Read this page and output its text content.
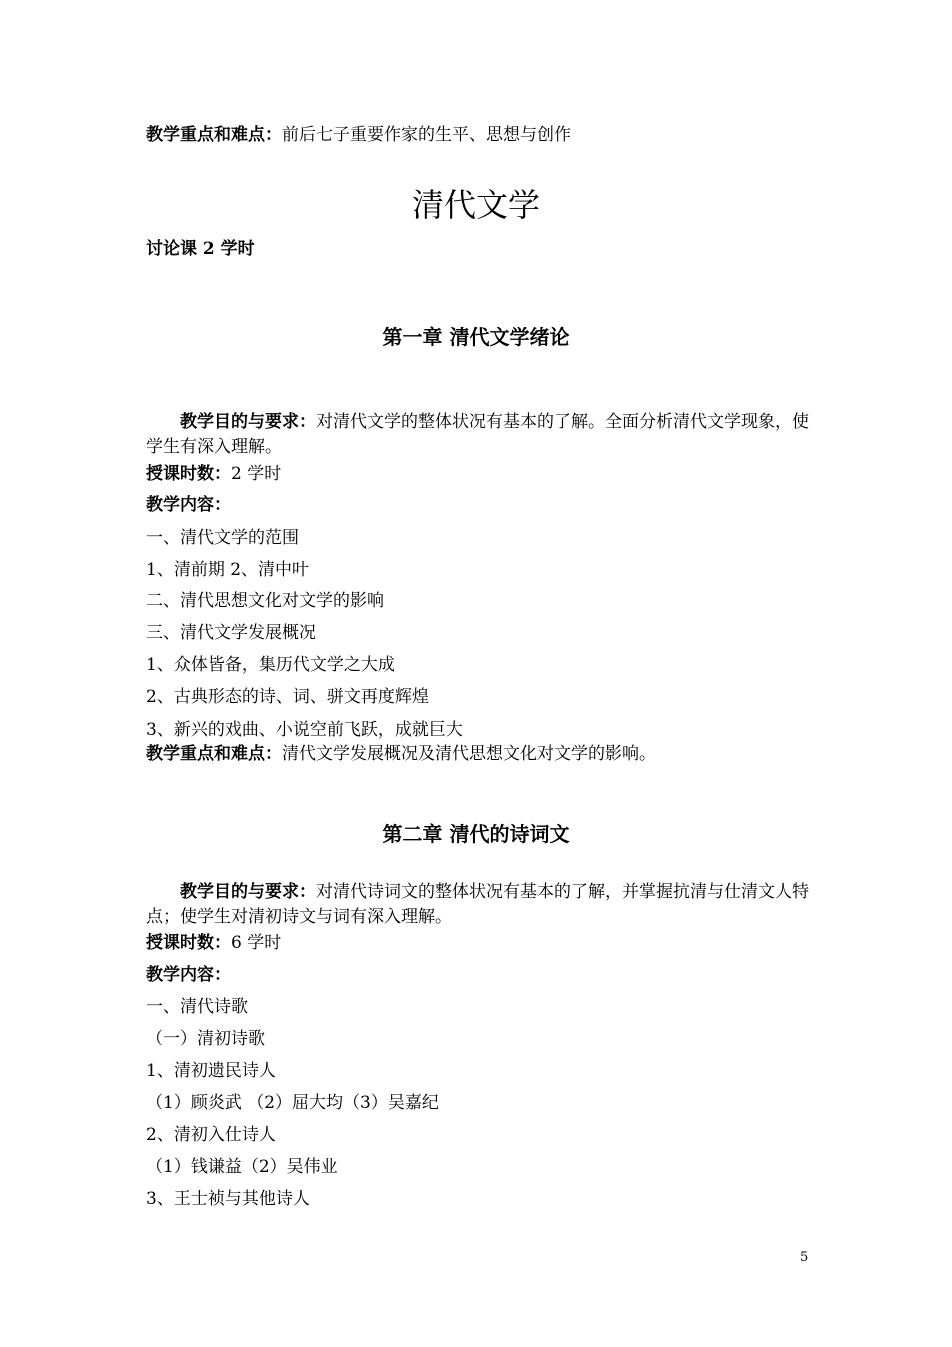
教学重点和难点：前后七子重要作家的生平、思想与创作
清代文学
讨论课 2 学时
第一章 清代文学绪论
教学目的与要求：对清代文学的整体状况有基本的了解。全面分析清代文学现象，使学生有深入理解。
授课时数：2 学时
教学内容：
一、清代文学的范围
1、清前期 2、清中叶
二、清代思想文化对文学的影响
三、清代文学发展概况
1、众体皆备，集历代文学之大成
2、古典形态的诗、词、骈文再度辉煌
3、新兴的戏曲、小说空前飞跃，成就巨大
教学重点和难点：清代文学发展概况及清代思想文化对文学的影响。
第二章 清代的诗词文
教学目的与要求：对清代诗词文的整体状况有基本的了解，并掌握抗清与仕清文人特点；使学生对清初诗文与词有深入理解。
授课时数：6 学时
教学内容：
一、清代诗歌
（一）清初诗歌
1、清初遗民诗人
（1）顾炎武 （2）屈大均（3）吴嘉纪
2、清初入仕诗人
（1）钱谦益（2）吴伟业
3、王士祯与其他诗人
5
